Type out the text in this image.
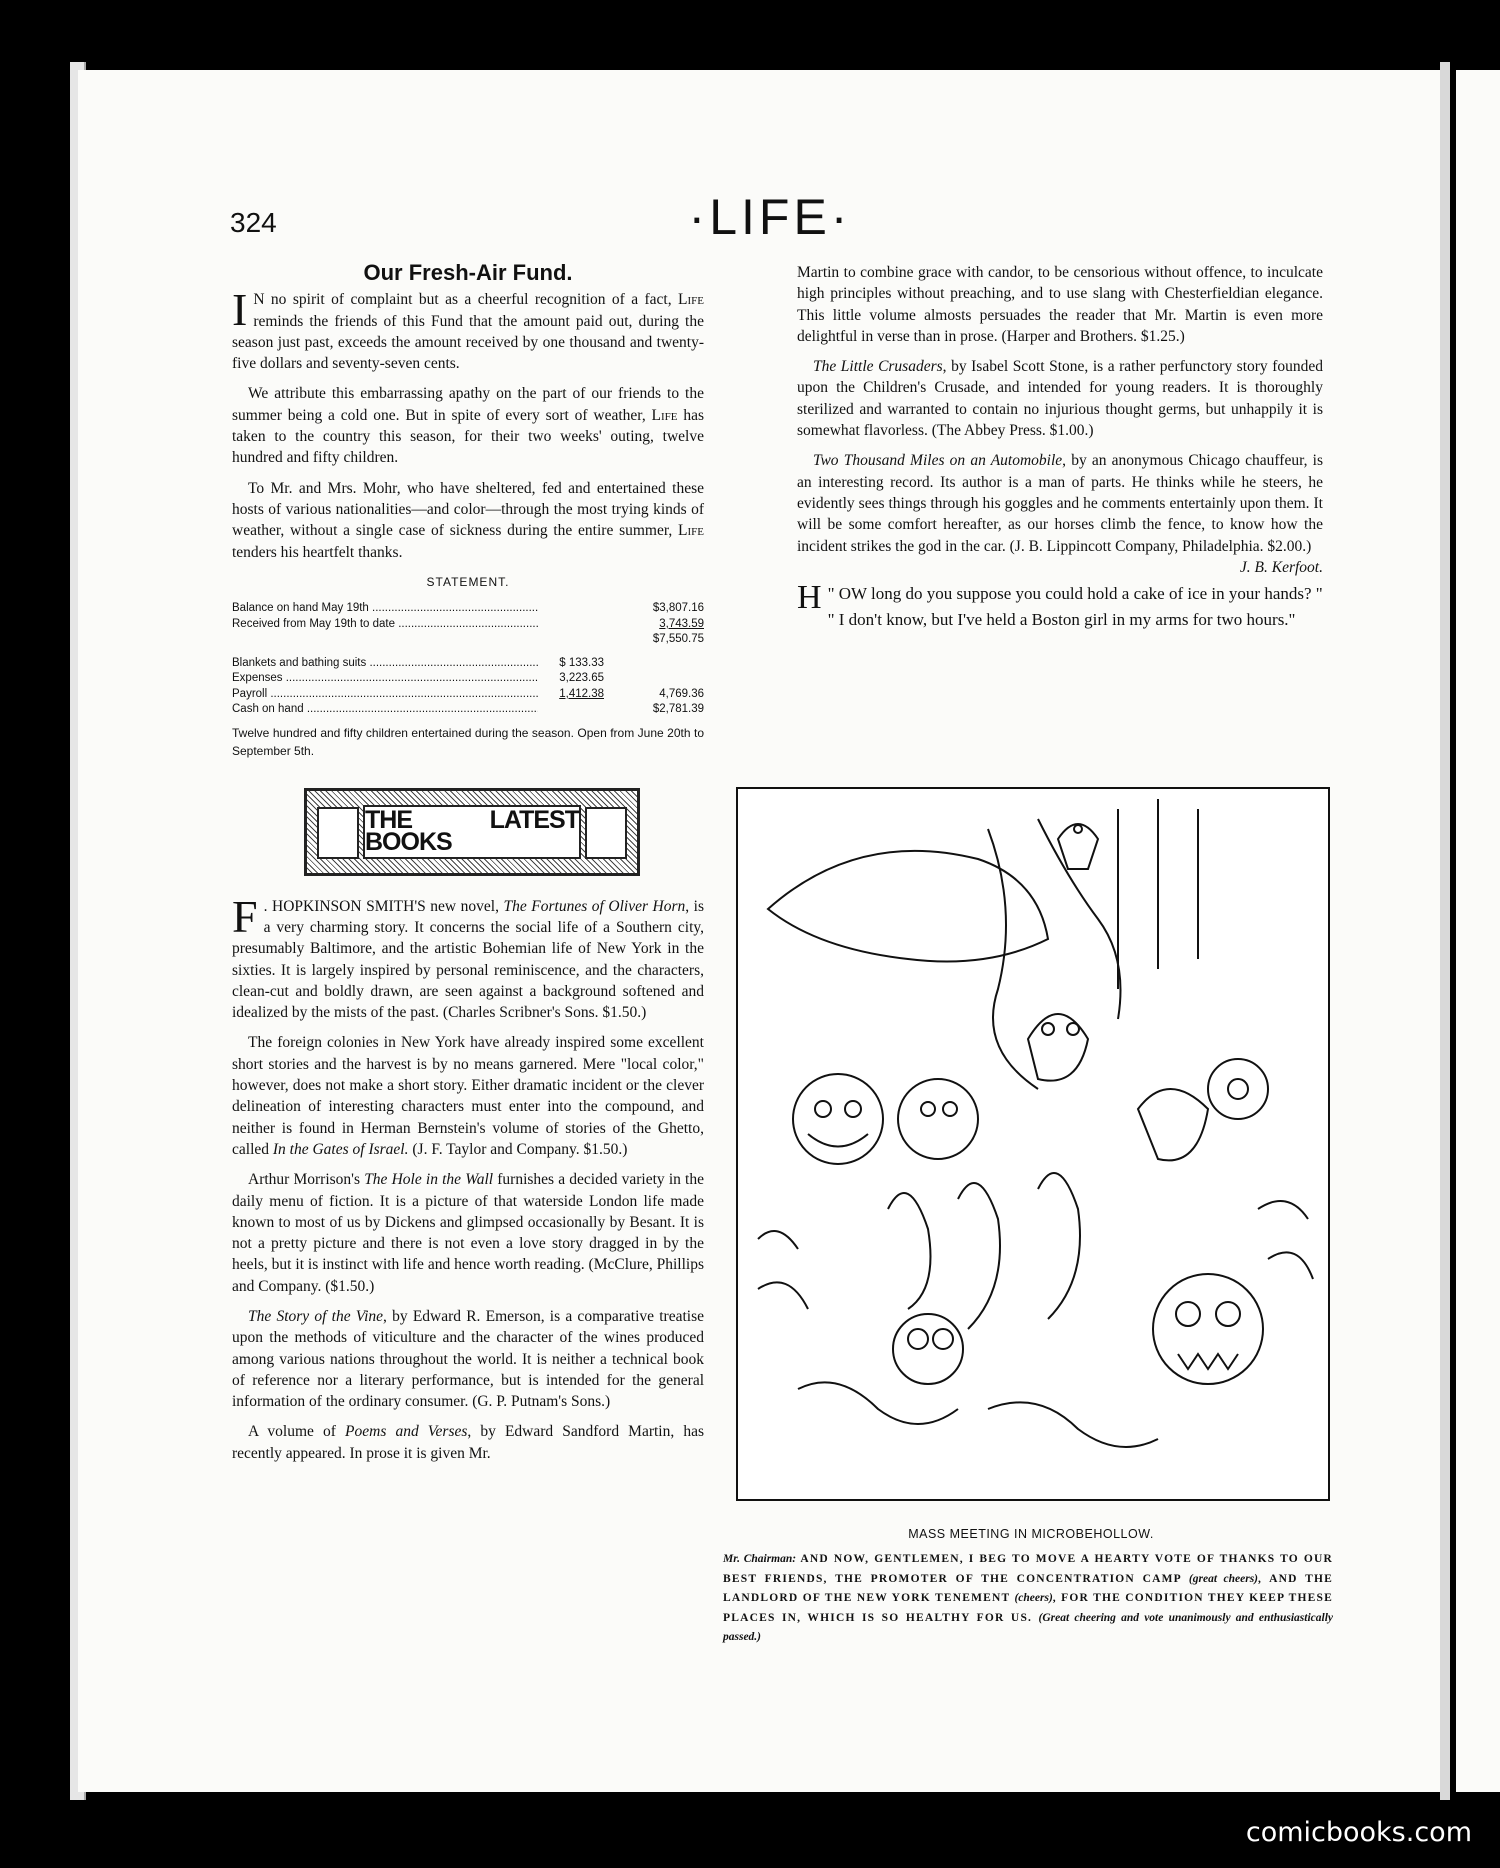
324	·LIFE·
Our Fresh-Air Fund.

I N no spirit of complaint but as a cheerful recognition of a fact, Life reminds the friends of this Fund that the amount paid out, during the season just past, exceeds the amount received by one thousand and twenty-five dollars and seventy-seven cents.

We attribute this embarrassing apathy on the part of our friends to the summer being a cold one. But in spite of every sort of weather, Life has taken to the country this season, for their two weeks' outing, twelve hundred and fifty children.

To Mr. and Mrs. Mohr, who have sheltered, fed and entertained these hosts of various nationalities—and color—through the most trying kinds of weather, without a single case of sickness during the entire summer, Life tenders his heartfelt thanks.

STATEMENT.
Balance on hand May 19th .....	$3,807.16
Received from May 19th to date .....	3,743.59
$7,550.75
Blankets and bathing suits .....	$ 133.33
Expenses .....	3,223.65
Payroll .....	1,412.38	4,769.36
Cash on hand .....	$2,781.39
Twelve hundred and fifty children entertained during the season. Open from June 20th to September 5th.
THE LATEST BOOKS

F . HOPKINSON SMITH'S new novel, The Fortunes of Oliver Horn, is a very charming story. It concerns the social life of a Southern city, presumably Baltimore, and the artistic Bohemian life of New York in the sixties. It is largely inspired by personal reminiscence, and the characters, clean-cut and boldly drawn, are seen against a background softened and idealized by the mists of the past. (Charles Scribner's Sons. $1.50.)

The foreign colonies in New York have already inspired some excellent short stories and the harvest is by no means garnered. Mere "local color," however, does not make a short story. Either dramatic incident or the clever delineation of interesting characters must enter into the compound, and neither is found in Herman Bernstein's volume of stories of the Ghetto, called In the Gates of Israel. (J. F. Taylor and Company. $1.50.)

Arthur Morrison's The Hole in the Wall furnishes a decided variety in the daily menu of fiction. It is a picture of that waterside London life made known to most of us by Dickens and glimpsed occasionally by Besant. It is not a pretty picture and there is not even a love story dragged in by the heels, but it is instinct with life and hence worth reading. (McClure, Phillips and Company. ($1.50.)

The Story of the Vine, by Edward R. Emerson, is a comparative treatise upon the methods of viticulture and the character of the wines produced among various nations throughout the world. It is neither a technical book of reference nor a literary performance, but is intended for the general information of the ordinary consumer. (G. P. Putnam's Sons.)

A volume of Poems and Verses, by Edward Sandford Martin, has recently appeared. In prose it is given Mr.

Martin to combine grace with candor, to be censorious without offence, to inculcate high principles without preaching, and to use slang with Chesterfieldian elegance. This little volume almosts persuades the reader that Mr. Martin is even more delightful in verse than in prose. (Harper and Brothers. $1.25.)

The Little Crusaders, by Isabel Scott Stone, is a rather perfunctory story founded upon the Children's Crusade, and intended for young readers. It is thoroughly sterilized and warranted to contain no injurious thought germs, but unhappily it is somewhat flavorless. (The Abbey Press. $1.00.)

Two Thousand Miles on an Automobile, by an anonymous Chicago chauffeur, is an interesting record. Its author is a man of parts. He thinks while he steers, he evidently sees things through his goggles and he comments entertainly upon them. It will be some comfort hereafter, as our horses climb the fence, to know how the incident strikes the god in the car. (J. B. Lippincott Company, Philadelphia. $2.00.)
J. B. Kerfoot.

"
H OW long do you suppose you could hold a cake of ice in your hands? "

" I don't know, but I've held a Boston girl in my arms for two hours."

MASS MEETING IN MICROBEHOLLOW.
Mr. Chairman: AND NOW, GENTLEMEN, I BEG TO MOVE A HEARTY VOTE OF THANKS TO OUR BEST FRIENDS, THE PROMOTER OF THE CONCENTRATION CAMP (great cheers), AND THE LANDLORD OF THE NEW YORK TENEMENT (cheers), FOR THE CONDITION THEY KEEP THESE PLACES IN, WHICH IS SO HEALTHY FOR US. (Great cheering and vote unanimously and enthusiastically passed.)
comicbooks.com
